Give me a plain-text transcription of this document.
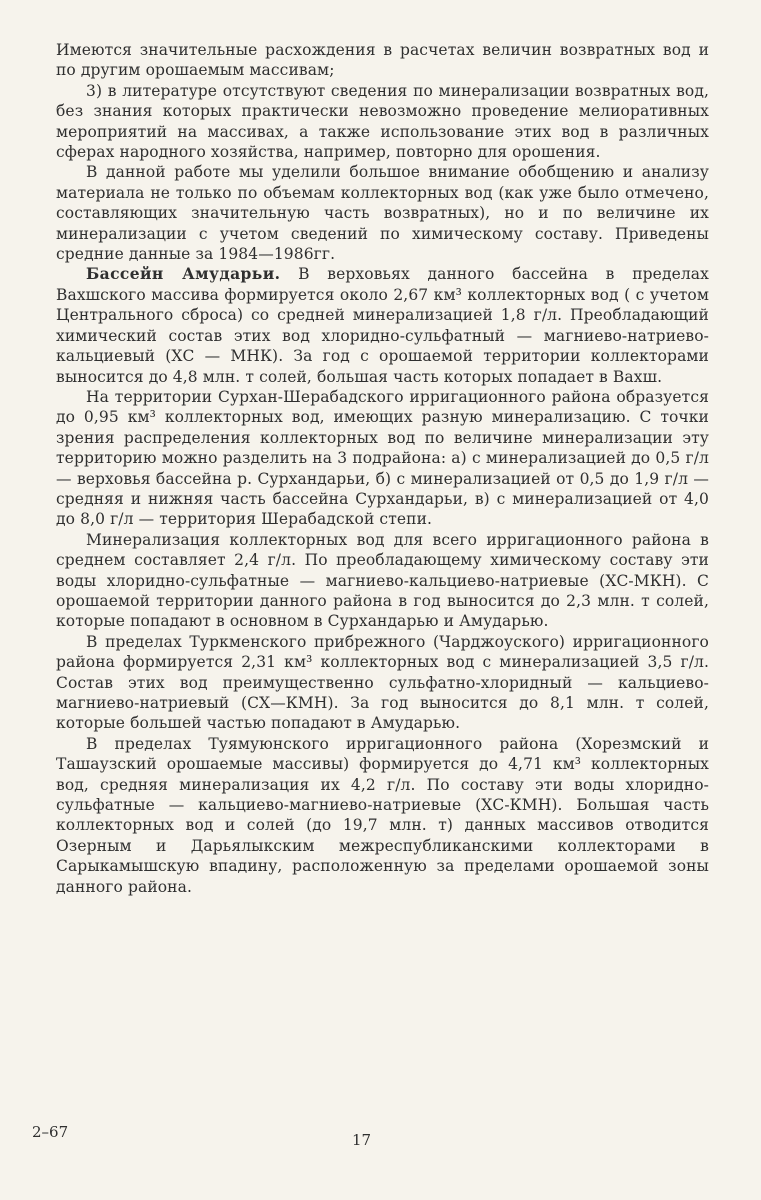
Имеются значительные расхождения в расчетах величин возвратных вод и по другим орошаемым массивам;

3) в литературе отсутствуют сведения по минерализации возвратных вод, без знания которых практически невозможно проведение мелиоративных мероприятий на массивах, а также использование этих вод в различных сферах народного хозяйства, например, повторно для орошения.

В данной работе мы уделили большое внимание обобщению и анализу материала не только по объемам коллекторных вод (как уже было отмечено, составляющих значительную часть возвратных), но и по величине их минерализации с учетом сведений по химическому составу. Приведены средние данные за 1984—1986гг.

Бассейн Амударьи. В верховьях данного бассейна в пределах Вахшского массива формируется около 2,67 км³ коллекторных вод ( с учетом Центрального сброса) со средней минерализацией 1,8 г/л. Преобладающий химический состав этих вод хлоридно-сульфатный — магниево-натриево-кальциевый (ХС — МНК). За год с орошаемой территории коллекторами выносится до 4,8 млн. т солей, большая часть которых попадает в Вахш.

На территории Сурхан-Шерабадского ирригационного района образуется до 0,95 км³ коллекторных вод, имеющих разную минерализацию. С точки зрения распределения коллекторных вод по величине минерализации эту территорию можно разделить на 3 подрайона: а) с минерализацией до 0,5 г/л — верховья бассейна р. Сурхандарьи, б) с минерализацией от 0,5 до 1,9 г/л — средняя и нижняя часть бассейна Сурхандарьи, в) с минерализацией от 4,0 до 8,0 г/л — территория Шерабадской степи.

Минерализация коллекторных вод для всего ирригационного района в среднем составляет 2,4 г/л. По преобладающему химическому составу эти воды хлоридно-сульфатные — магниево-кальциево-натриевые (ХС-МКН). С орошаемой территории данного района в год выносится до 2,3 млн. т солей, которые попадают в основном в Сурхандарью и Амударью.

В пределах Туркменского прибрежного (Чарджоуского) ирригационного района формируется 2,31 км³ коллекторных вод с минерализацией 3,5 г/л. Состав этих вод преимущественно сульфатно-хлоридный — кальциево-магниево-натриевый (СХ—КМН). За год выносится до 8,1 млн. т солей, которые большей частью попадают в Амударью.

В пределах Туямуюнского ирригационного района (Хорезмский и Ташаузский орошаемые массивы) формируется до 4,71 км³ коллекторных вод, средняя минерализация их 4,2 г/л. По составу эти воды хлоридно-сульфатные — кальциево-магниево-натриевые (ХС-КМН). Большая часть коллекторных вод и солей (до 19,7 млн. т) данных массивов отводится Озерным и Дарьялыкским межреспубликанскими коллекторами в Сарыкамышскую впадину, расположенную за пределами орошаемой зоны данного района.

2–67	17
